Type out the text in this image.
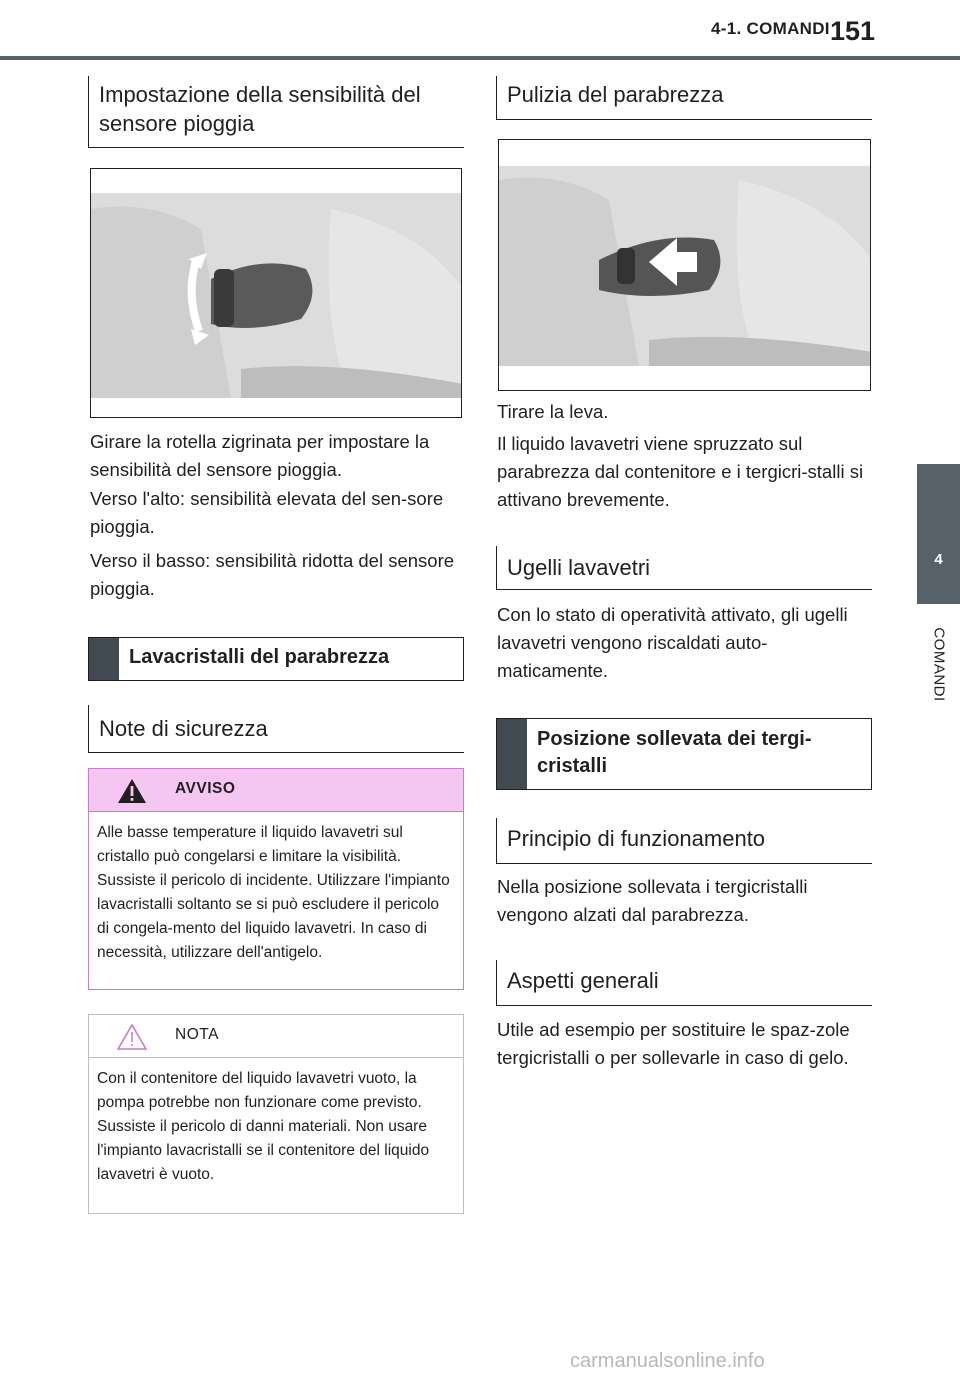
4-1. COMANDI 151
4
COMANDI
Impostazione della sensibilità del sensore pioggia
Girare la rotella zigrinata per impostare la sensibilità del sensore pioggia.
Verso l'alto: sensibilità elevata del sen-sore pioggia.
Verso il basso: sensibilità ridotta del sensore pioggia.
Lavacristalli del parabrezza
Note di sicurezza
AVVISO
Alle basse temperature il liquido lavavetri sul cristallo può congelarsi e limitare la visibilità. Sussiste il pericolo di incidente. Utilizzare l'impianto lavacristalli soltanto se si può escludere il pericolo di congela-mento del liquido lavavetri. In caso di necessità, utilizzare dell'antigelo.
NOTA
Con il contenitore del liquido lavavetri vuoto, la pompa potrebbe non funzionare come previsto. Sussiste il pericolo di danni materiali. Non usare l'impianto lavacristalli se il contenitore del liquido lavavetri è vuoto.
Pulizia del parabrezza
Tirare la leva.
Il liquido lavavetri viene spruzzato sul parabrezza dal contenitore e i tergicri-stalli si attivano brevemente.
Ugelli lavavetri
Con lo stato di operatività attivato, gli ugelli lavavetri vengono riscaldati auto-maticamente.
Posizione sollevata dei tergi-cristalli
Principio di funzionamento
Nella posizione sollevata i tergicristalli vengono alzati dal parabrezza.
Aspetti generali
Utile ad esempio per sostituire le spaz-zole tergicristalli o per sollevarle in caso di gelo.
carmanualsonline.info
